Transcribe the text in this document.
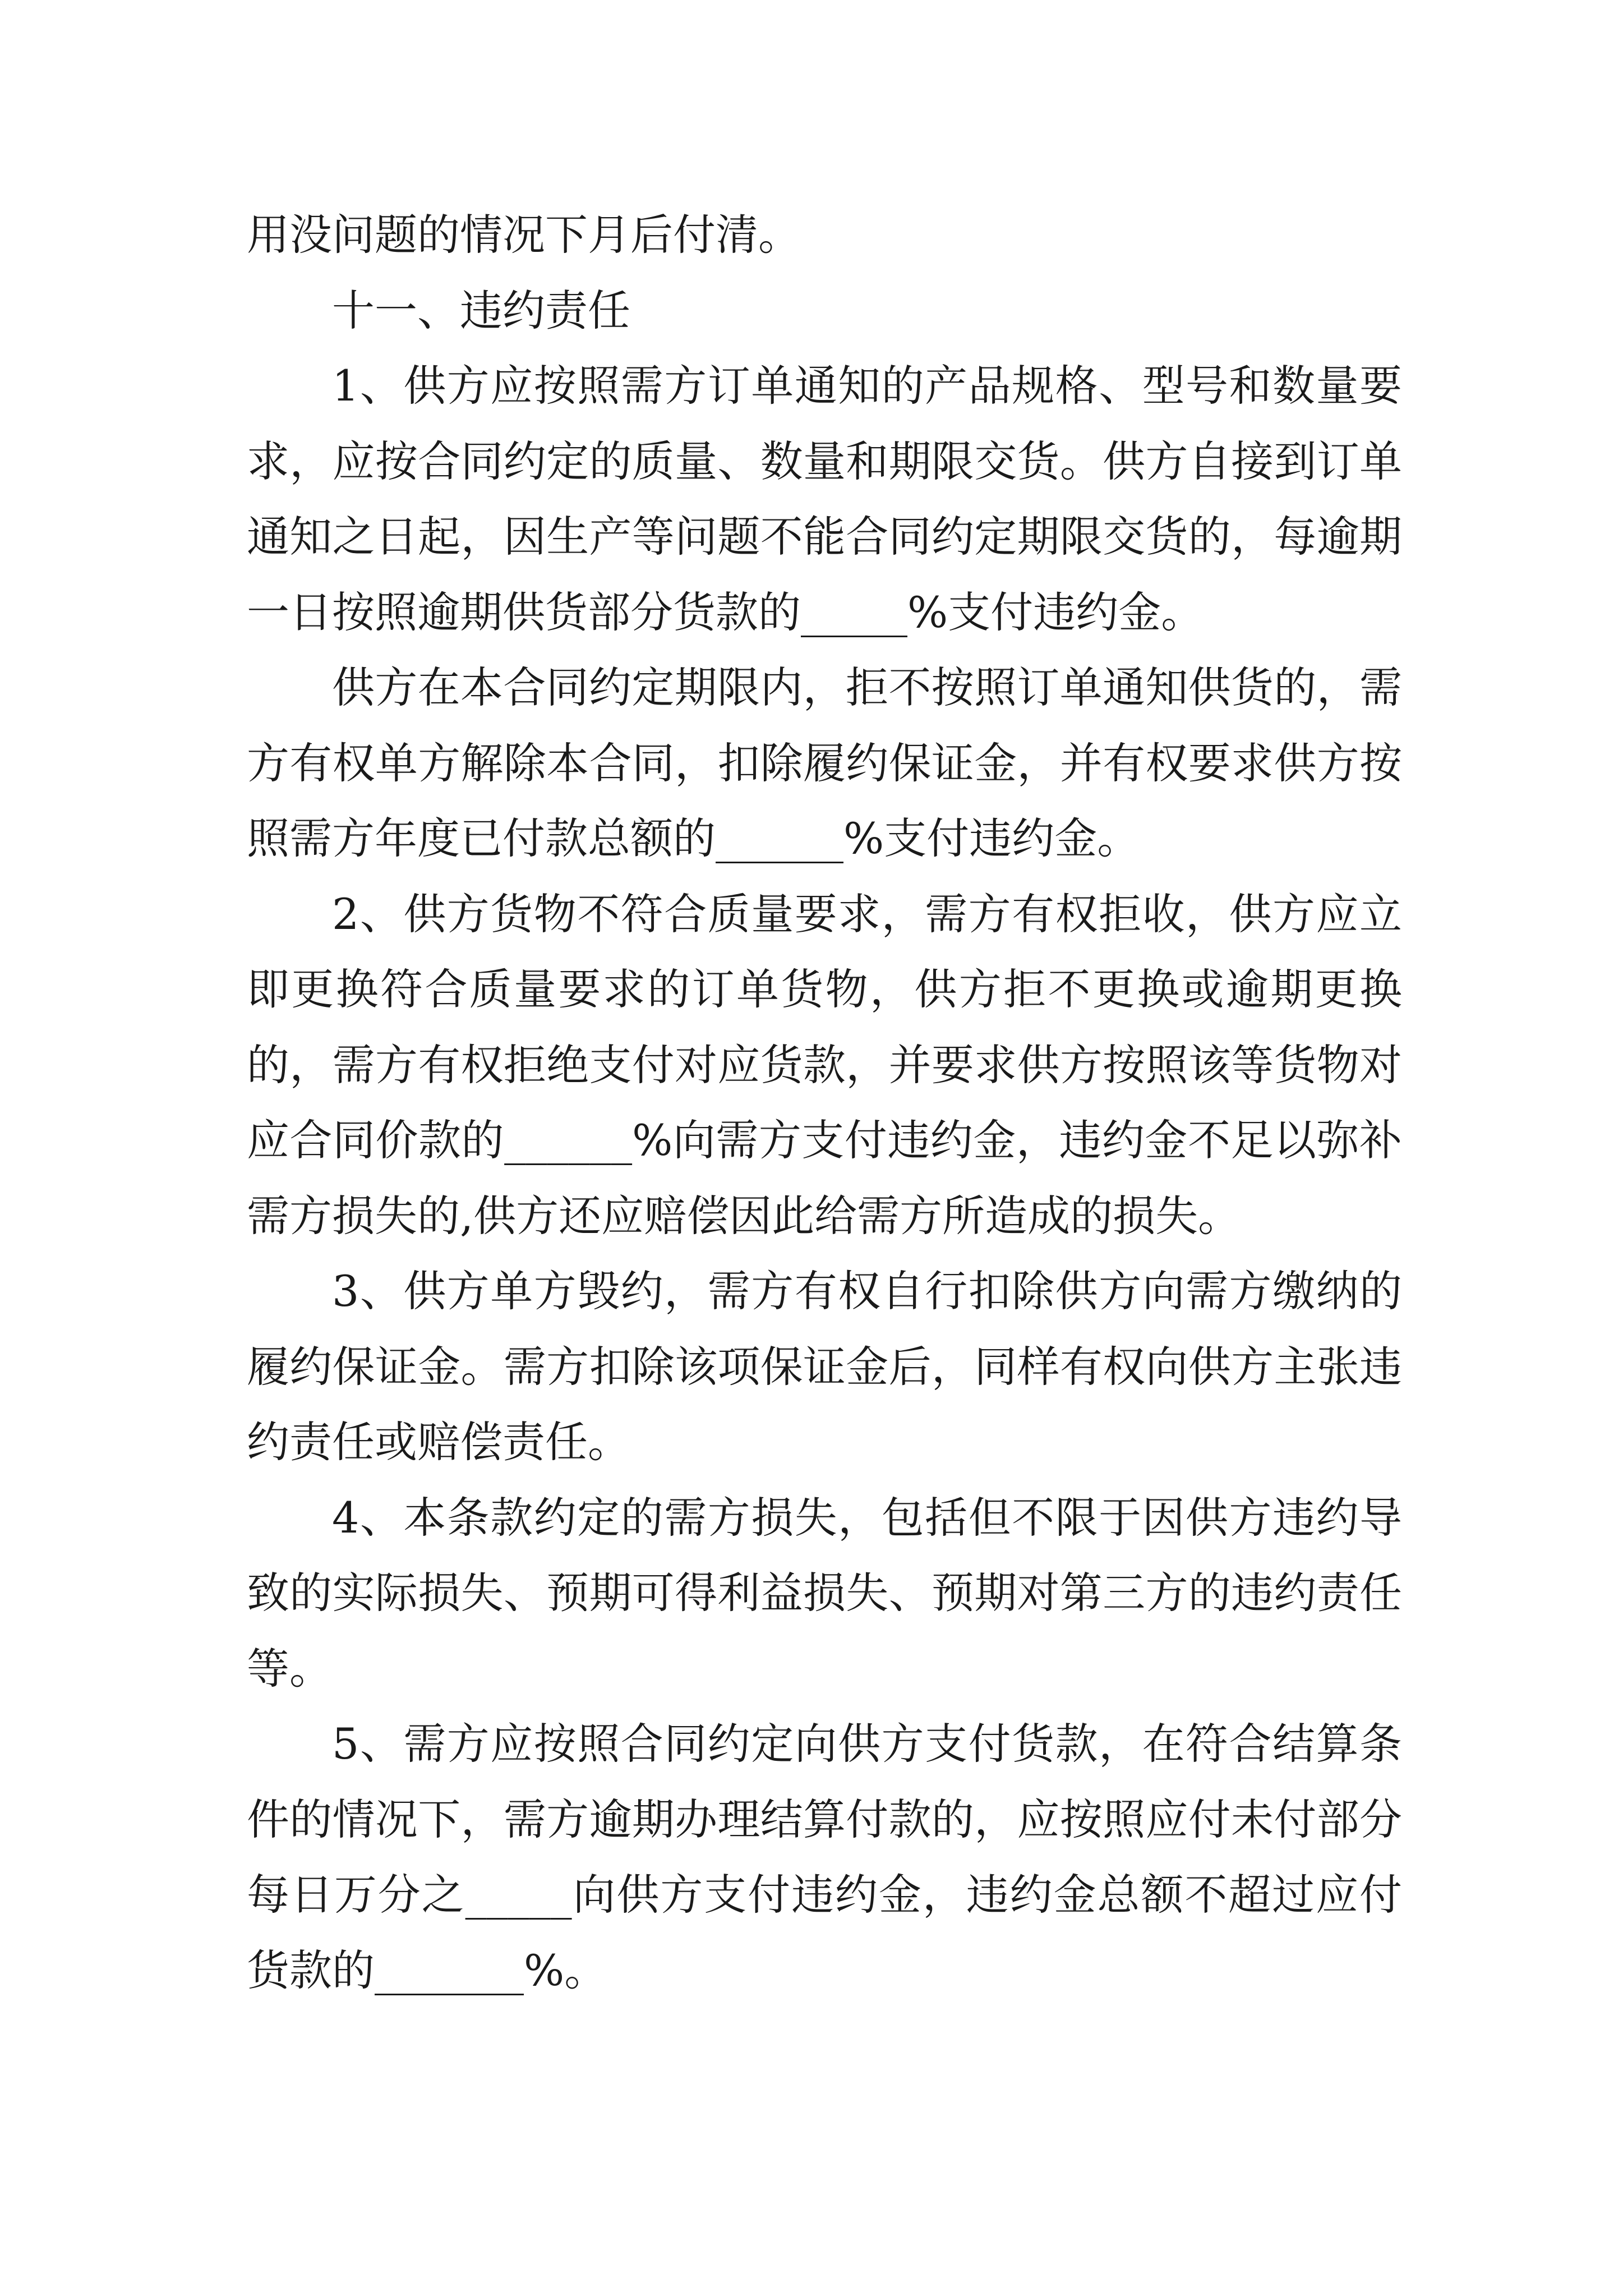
用没问题的情况下月后付清。

十一、违约责任

1、供方应按照需方订单通知的产品规格、型号和数量要求，应按合同约定的质量、数量和期限交货。供方自接到订单通知之日起，因生产等问题不能合同约定期限交货的，每逾期一日按照逾期供货部分货款的_____%支付违约金。

供方在本合同约定期限内，拒不按照订单通知供货的，需方有权单方解除本合同，扣除履约保证金，并有权要求供方按照需方年度已付款总额的______%支付违约金。

2、供方货物不符合质量要求，需方有权拒收，供方应立即更换符合质量要求的订单货物，供方拒不更换或逾期更换的，需方有权拒绝支付对应货款，并要求供方按照该等货物对应合同价款的______%向需方支付违约金，违约金不足以弥补需方损失的,供方还应赔偿因此给需方所造成的损失。

3、供方单方毁约，需方有权自行扣除供方向需方缴纳的履约保证金。需方扣除该项保证金后，同样有权向供方主张违约责任或赔偿责任。

4、本条款约定的需方损失，包括但不限于因供方违约导致的实际损失、预期可得利益损失、预期对第三方的违约责任等。

5、需方应按照合同约定向供方支付货款，在符合结算条件的情况下，需方逾期办理结算付款的，应按照应付未付部分每日万分之_____向供方支付违约金，违约金总额不超过应付货款的_______%。
